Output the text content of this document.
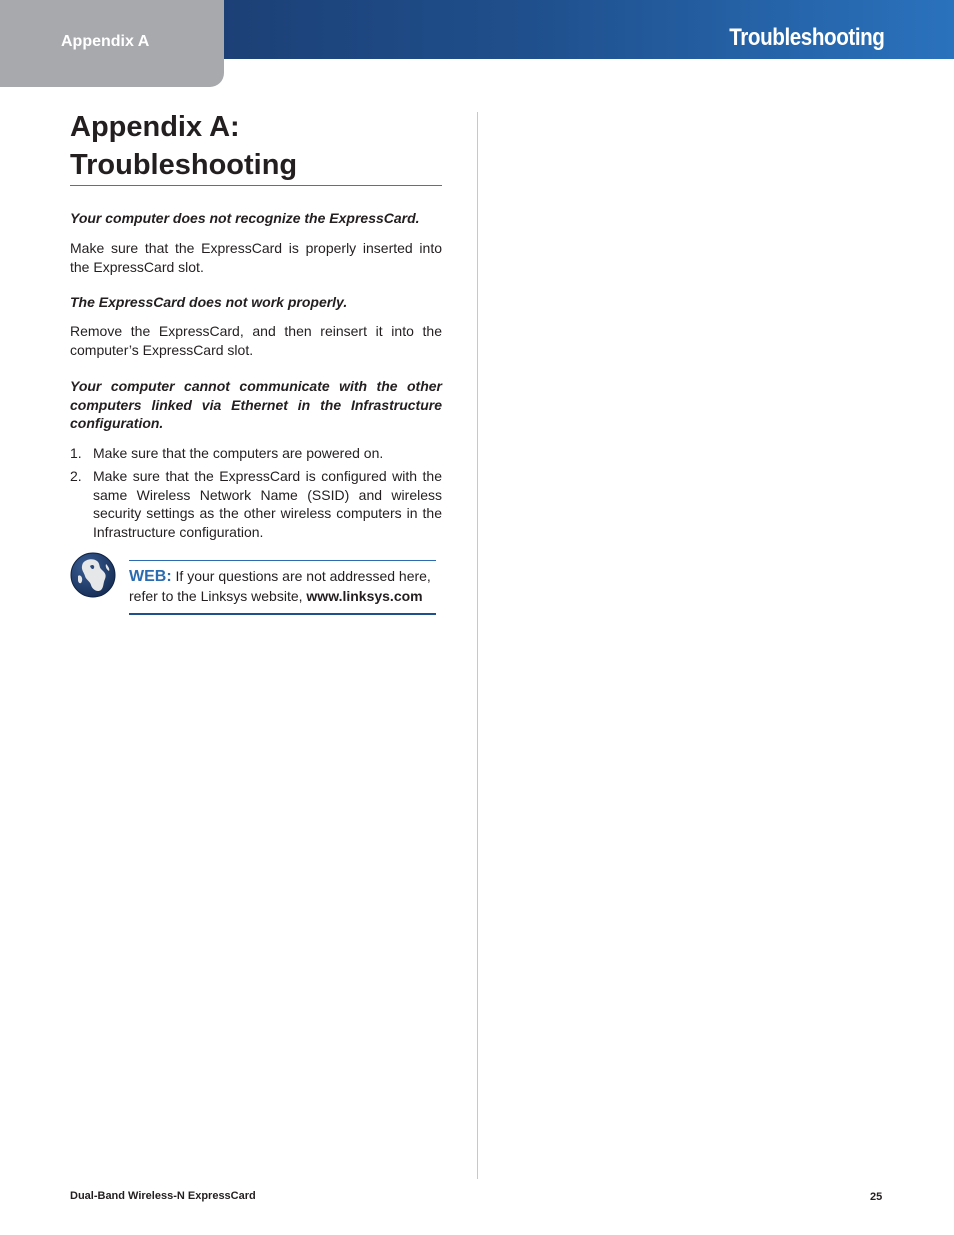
Appendix A	Troubleshooting
Appendix A:
Troubleshooting

Your computer does not recognize the ExpressCard.

Make sure that the ExpressCard is properly inserted into the ExpressCard slot.

The ExpressCard does not work properly.

Remove the ExpressCard, and then reinsert it into the computer’s ExpressCard slot.

Your computer cannot communicate with the other computers linked via Ethernet in the Infrastructure configuration.

1. Make sure that the computers are powered on.
2. Make sure that the ExpressCard is configured with the same Wireless Network Name (SSID) and wireless security settings as the other wireless computers in the Infrastructure configuration.
WEB: If your questions are not addressed here, refer to the Linksys website, www.linksys.com
Dual-Band Wireless-N ExpressCard	25
